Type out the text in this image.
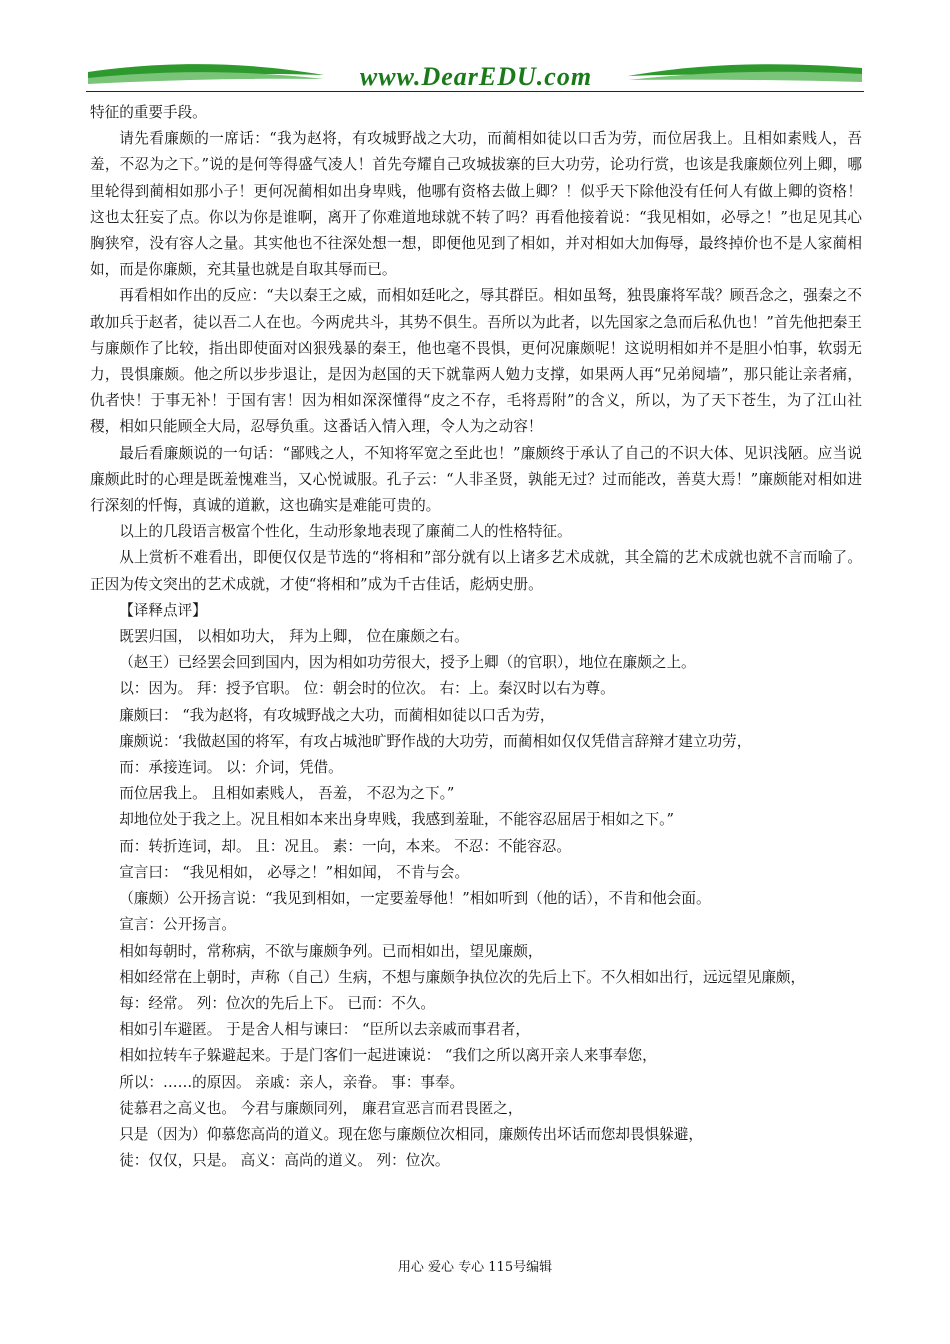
www.DearEDU.com

特征的重要手段。

请先看廉颇的一席话：“我为赵将，有攻城野战之大功，而蔺相如徒以口舌为劳，而位居我上。且相如素贱人，吾羞，不忍为之下。”说的是何等得盛气凌人！首先夸耀自己攻城拔寨的巨大功劳，论功行赏，也该是我廉颇位列上卿，哪里轮得到蔺相如那小子！更何况蔺相如出身卑贱，他哪有资格去做上卿？！似乎天下除他没有任何人有做上卿的资格！这也太狂妄了点。你以为你是谁啊，离开了你难道地球就不转了吗？再看他接着说：“我见相如，必辱之！”也足见其心胸狭窄，没有容人之量。其实他也不往深处想一想，即便他见到了相如，并对相如大加侮辱，最终掉价也不是人家蔺相如，而是你廉颇，充其量也就是自取其辱而已。

再看相如作出的反应：“夫以秦王之威，而相如廷叱之，辱其群臣。相如虽驽，独畏廉将军哉？顾吾念之，强秦之不敢加兵于赵者，徒以吾二人在也。今两虎共斗，其势不俱生。吾所以为此者，以先国家之急而后私仇也！”首先他把秦王与廉颇作了比较，指出即使面对凶狠残暴的秦王，他也毫不畏惧，更何况廉颇呢！这说明相如并不是胆小怕事，软弱无力，畏惧廉颇。他之所以步步退让，是因为赵国的天下就靠两人勉力支撑，如果两人再“兄弟阋墙”，那只能让亲者痛，仇者快！于事无补！于国有害！因为相如深深懂得“皮之不存，毛将焉附”的含义，所以，为了天下苍生，为了江山社稷，相如只能顾全大局，忍辱负重。这番话入情入理，令人为之动容！

最后看廉颇说的一句话：“鄙贱之人，不知将军宽之至此也！”廉颇终于承认了自己的不识大体、见识浅陋。应当说廉颇此时的心理是既羞愧难当，又心悦诚服。孔子云：“人非圣贤，孰能无过？过而能改，善莫大焉！”廉颇能对相如进行深刻的忏悔，真诚的道歉，这也确实是难能可贵的。

以上的几段语言极富个性化，生动形象地表现了廉蔺二人的性格特征。

从上赏析不难看出，即便仅仅是节选的“将相和”部分就有以上诸多艺术成就，其全篇的艺术成就也就不言而喻了。正因为传文突出的艺术成就，才使“将相和”成为千古佳话，彪炳史册。

【译释点评】

既罢归国， 以相如功大， 拜为上卿， 位在廉颇之右。

（赵王）已经罢会回到国内，因为相如功劳很大，授予上卿（的官职），地位在廉颇之上。

以：因为。 拜：授予官职。 位：朝会时的位次。 右：上。秦汉时以右为尊。

廉颇曰： “我为赵将，有攻城野战之大功，而蔺相如徒以口舌为劳，

廉颇说：‘我做赵国的将军，有攻占城池旷野作战的大功劳，而蔺相如仅仅凭借言辞辩才建立功劳，

而：承接连词。 以：介词，凭借。

而位居我上。 且相如素贱人， 吾羞， 不忍为之下。”

却地位处于我之上。况且相如本来出身卑贱，我感到羞耻，不能容忍屈居于相如之下。”

而：转折连词，却。 且：况且。 素：一向，本来。 不忍：不能容忍。

宣言曰： “我见相如， 必辱之！”相如闻， 不肯与会。

（廉颇）公开扬言说：“我见到相如，一定要羞辱他！”相如听到（他的话），不肯和他会面。

宣言：公开扬言。

相如每朝时，常称病，不欲与廉颇争列。已而相如出，望见廉颇，

相如经常在上朝时，声称（自己）生病，不想与廉颇争执位次的先后上下。不久相如出行，远远望见廉颇，

每：经常。 列：位次的先后上下。 已而：不久。

相如引车避匿。 于是舍人相与谏曰： “臣所以去亲戚而事君者，

相如拉转车子躲避起来。于是门客们一起进谏说： “我们之所以离开亲人来事奉您，

所以：……的原因。 亲戚：亲人，亲眷。 事：事奉。

徒慕君之高义也。 今君与廉颇同列， 廉君宣恶言而君畏匿之，

只是（因为）仰慕您高尚的道义。现在您与廉颇位次相同，廉颇传出坏话而您却畏惧躲避，

徒：仅仅，只是。 高义：高尚的道义。 列：位次。

用心 爱心 专心 115号编辑
